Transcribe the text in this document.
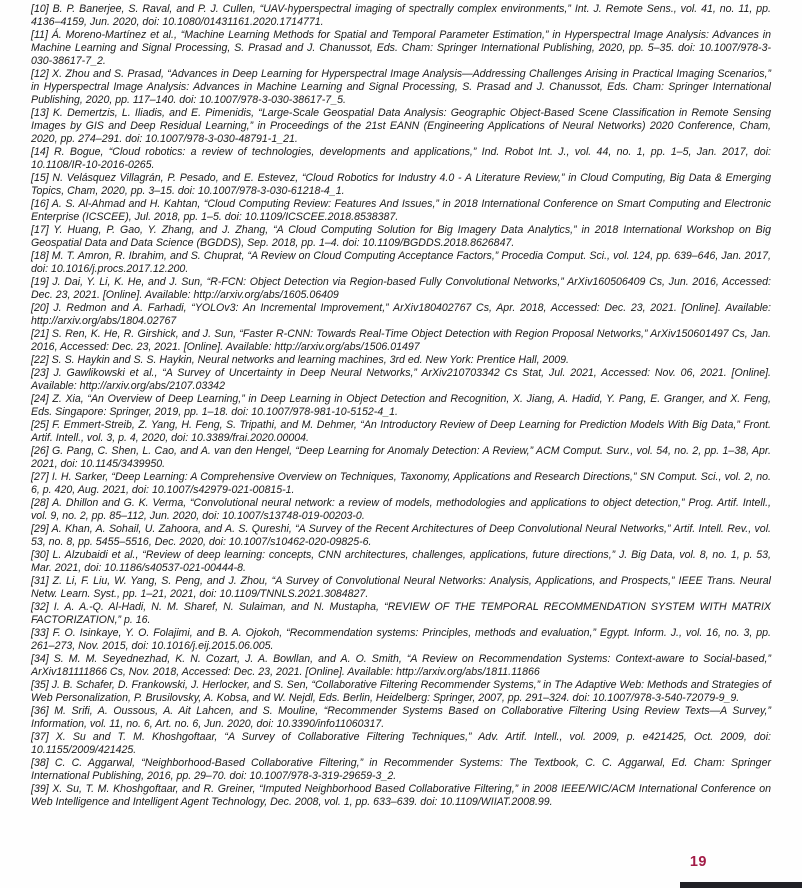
[10] B. P. Banerjee, S. Raval, and P. J. Cullen, “UAV-hyperspectral imaging of spectrally complex environments,” Int. J. Remote Sens., vol. 41, no. 11, pp. 4136–4159, Jun. 2020, doi: 10.1080/01431161.2020.1714771.

[11] Á. Moreno-Martínez et al., “Machine Learning Methods for Spatial and Temporal Parameter Estimation,” in Hyperspectral Image Analysis: Advances in Machine Learning and Signal Processing, S. Prasad and J. Chanussot, Eds. Cham: Springer International Publishing, 2020, pp. 5–35. doi: 10.1007/978-3-030-38617-7_2.

[12] X. Zhou and S. Prasad, “Advances in Deep Learning for Hyperspectral Image Analysis—Addressing Challenges Arising in Practical Imaging Scenarios,” in Hyperspectral Image Analysis: Advances in Machine Learning and Signal Processing, S. Prasad and J. Chanussot, Eds. Cham: Springer International Publishing, 2020, pp. 117–140. doi: 10.1007/978-3-030-38617-7_5.

[13] K. Demertzis, L. Iliadis, and E. Pimenidis, “Large-Scale Geospatial Data Analysis: Geographic Object-Based Scene Classification in Remote Sensing Images by GIS and Deep Residual Learning,” in Proceedings of the 21st EANN (Engineering Applications of Neural Networks) 2020 Conference, Cham, 2020, pp. 274–291. doi: 10.1007/978-3-030-48791-1_21.

[14] R. Bogue, “Cloud robotics: a review of technologies, developments and applications,” Ind. Robot Int. J., vol. 44, no. 1, pp. 1–5, Jan. 2017, doi: 10.1108/IR-10-2016-0265.

[15] N. Velásquez Villagrán, P. Pesado, and E. Estevez, “Cloud Robotics for Industry 4.0 - A Literature Review,” in Cloud Computing, Big Data & Emerging Topics, Cham, 2020, pp. 3–15. doi: 10.1007/978-3-030-61218-4_1.

[16] A. S. Al-Ahmad and H. Kahtan, “Cloud Computing Review: Features And Issues,” in 2018 International Conference on Smart Computing and Electronic Enterprise (ICSCEE), Jul. 2018, pp. 1–5. doi: 10.1109/ICSCEE.2018.8538387.

[17] Y. Huang, P. Gao, Y. Zhang, and J. Zhang, “A Cloud Computing Solution for Big Imagery Data Analytics,” in 2018 International Workshop on Big Geospatial Data and Data Science (BGDDS), Sep. 2018, pp. 1–4. doi: 10.1109/BGDDS.2018.8626847.

[18] M. T. Amron, R. Ibrahim, and S. Chuprat, “A Review on Cloud Computing Acceptance Factors,” Procedia Comput. Sci., vol. 124, pp. 639–646, Jan. 2017, doi: 10.1016/j.procs.2017.12.200.

[19] J. Dai, Y. Li, K. He, and J. Sun, “R-FCN: Object Detection via Region-based Fully Convolutional Networks,” ArXiv160506409 Cs, Jun. 2016, Accessed: Dec. 23, 2021. [Online]. Available: http://arxiv.org/abs/1605.06409

[20] J. Redmon and A. Farhadi, “YOLOv3: An Incremental Improvement,” ArXiv180402767 Cs, Apr. 2018, Accessed: Dec. 23, 2021. [Online]. Available: http://arxiv.org/abs/1804.02767

[21] S. Ren, K. He, R. Girshick, and J. Sun, “Faster R-CNN: Towards Real-Time Object Detection with Region Proposal Networks,” ArXiv150601497 Cs, Jan. 2016, Accessed: Dec. 23, 2021. [Online]. Available: http://arxiv.org/abs/1506.01497

[22] S. S. Haykin and S. S. Haykin, Neural networks and learning machines, 3rd ed. New York: Prentice Hall, 2009.

[23] J. Gawlikowski et al., “A Survey of Uncertainty in Deep Neural Networks,” ArXiv210703342 Cs Stat, Jul. 2021, Accessed: Nov. 06, 2021. [Online]. Available: http://arxiv.org/abs/2107.03342

[24] Z. Xia, “An Overview of Deep Learning,” in Deep Learning in Object Detection and Recognition, X. Jiang, A. Hadid, Y. Pang, E. Granger, and X. Feng, Eds. Singapore: Springer, 2019, pp. 1–18. doi: 10.1007/978-981-10-5152-4_1.

[25] F. Emmert-Streib, Z. Yang, H. Feng, S. Tripathi, and M. Dehmer, “An Introductory Review of Deep Learning for Prediction Models With Big Data,” Front. Artif. Intell., vol. 3, p. 4, 2020, doi: 10.3389/frai.2020.00004.

[26] G. Pang, C. Shen, L. Cao, and A. van den Hengel, “Deep Learning for Anomaly Detection: A Review,” ACM Comput. Surv., vol. 54, no. 2, pp. 1–38, Apr. 2021, doi: 10.1145/3439950.

[27] I. H. Sarker, “Deep Learning: A Comprehensive Overview on Techniques, Taxonomy, Applications and Research Directions,” SN Comput. Sci., vol. 2, no. 6, p. 420, Aug. 2021, doi: 10.1007/s42979-021-00815-1.

[28] A. Dhillon and G. K. Verma, “Convolutional neural network: a review of models, methodologies and applications to object detection,” Prog. Artif. Intell., vol. 9, no. 2, pp. 85–112, Jun. 2020, doi: 10.1007/s13748-019-00203-0.

[29] A. Khan, A. Sohail, U. Zahoora, and A. S. Qureshi, “A Survey of the Recent Architectures of Deep Convolutional Neural Networks,” Artif. Intell. Rev., vol. 53, no. 8, pp. 5455–5516, Dec. 2020, doi: 10.1007/s10462-020-09825-6.

[30] L. Alzubaidi et al., “Review of deep learning: concepts, CNN architectures, challenges, applications, future directions,” J. Big Data, vol. 8, no. 1, p. 53, Mar. 2021, doi: 10.1186/s40537-021-00444-8.

[31] Z. Li, F. Liu, W. Yang, S. Peng, and J. Zhou, “A Survey of Convolutional Neural Networks: Analysis, Applications, and Prospects,” IEEE Trans. Neural Netw. Learn. Syst., pp. 1–21, 2021, doi: 10.1109/TNNLS.2021.3084827.

[32] I. A. A.-Q. Al-Hadi, N. M. Sharef, N. Sulaiman, and N. Mustapha, “REVIEW OF THE TEMPORAL RECOMMENDATION SYSTEM WITH MATRIX FACTORIZATION,” p. 16.

[33] F. O. Isinkaye, Y. O. Folajimi, and B. A. Ojokoh, “Recommendation systems: Principles, methods and evaluation,” Egypt. Inform. J., vol. 16, no. 3, pp. 261–273, Nov. 2015, doi: 10.1016/j.eij.2015.06.005.

[34] S. M. M. Seyednezhad, K. N. Cozart, J. A. Bowllan, and A. O. Smith, “A Review on Recommendation Systems: Context-aware to Social-based,” ArXiv181111866 Cs, Nov. 2018, Accessed: Dec. 23, 2021. [Online]. Available: http://arxiv.org/abs/1811.11866

[35] J. B. Schafer, D. Frankowski, J. Herlocker, and S. Sen, “Collaborative Filtering Recommender Systems,” in The Adaptive Web: Methods and Strategies of Web Personalization, P. Brusilovsky, A. Kobsa, and W. Nejdl, Eds. Berlin, Heidelberg: Springer, 2007, pp. 291–324. doi: 10.1007/978-3-540-72079-9_9.

[36] M. Srifi, A. Oussous, A. Ait Lahcen, and S. Mouline, “Recommender Systems Based on Collaborative Filtering Using Review Texts—A Survey,” Information, vol. 11, no. 6, Art. no. 6, Jun. 2020, doi: 10.3390/info11060317.

[37] X. Su and T. M. Khoshgoftaar, “A Survey of Collaborative Filtering Techniques,” Adv. Artif. Intell., vol. 2009, p. e421425, Oct. 2009, doi: 10.1155/2009/421425.

[38] C. C. Aggarwal, “Neighborhood-Based Collaborative Filtering,” in Recommender Systems: The Textbook, C. C. Aggarwal, Ed. Cham: Springer International Publishing, 2016, pp. 29–70. doi: 10.1007/978-3-319-29659-3_2.

[39] X. Su, T. M. Khoshgoftaar, and R. Greiner, “Imputed Neighborhood Based Collaborative Filtering,” in 2008 IEEE/WIC/ACM International Conference on Web Intelligence and Intelligent Agent Technology, Dec. 2008, vol. 1, pp. 633–639. doi: 10.1109/WIIAT.2008.99.

19
